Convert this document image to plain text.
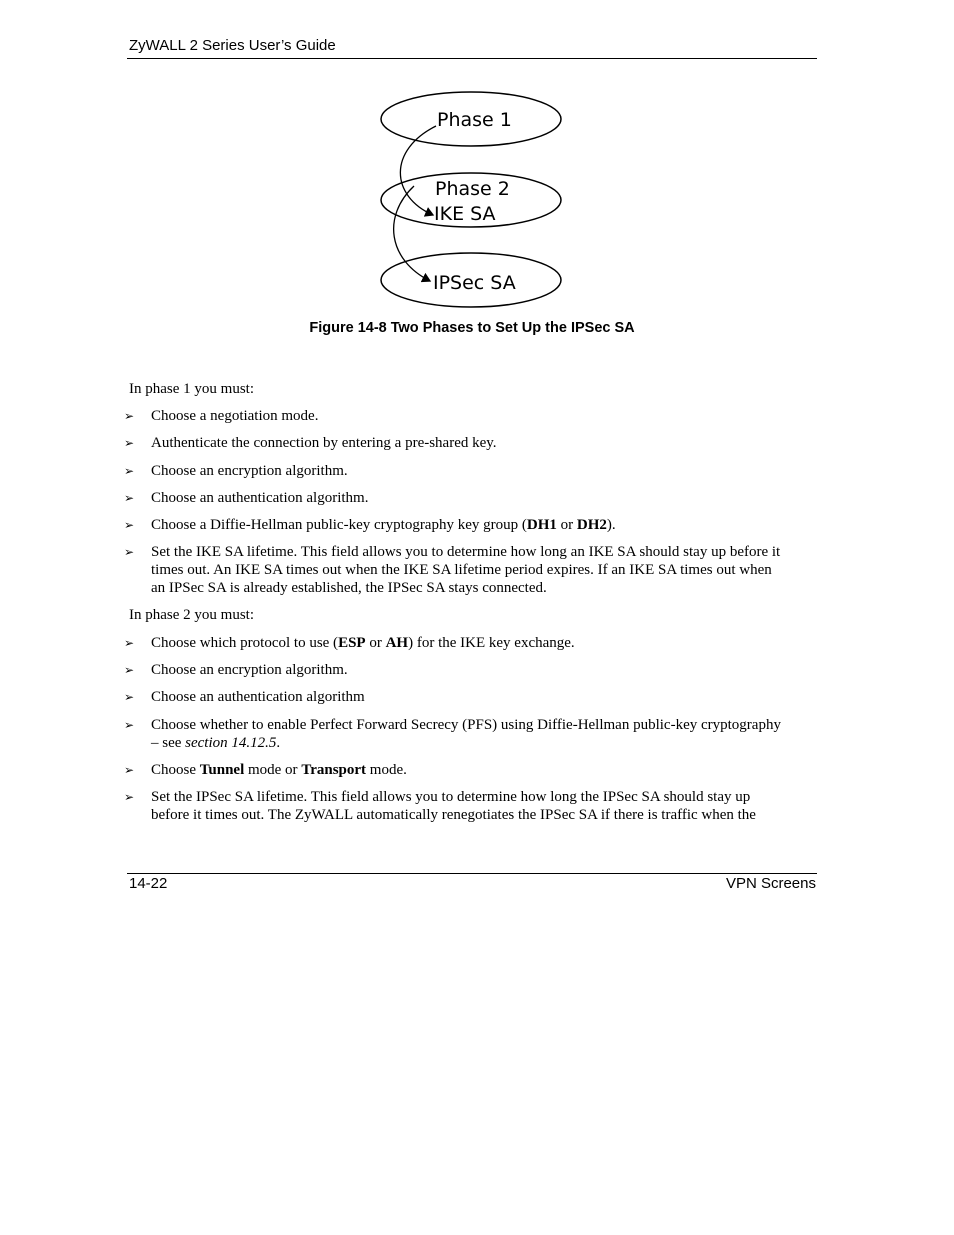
ZyWALL 2 Series User’s Guide
Phase 1
Phase 2
IKE SA
IPSec SA
Figure 14-8 Two Phases to Set Up the IPSec SA
In phase 1 you must:
➢ Choose a negotiation mode.
➢ Authenticate the connection by entering a pre-shared key.
➢ Choose an encryption algorithm.
➢ Choose an authentication algorithm.
➢ Choose a Diffie-Hellman public-key cryptography key group (DH1 or DH2).
➢ Set the IKE SA lifetime. This field allows you to determine how long an IKE SA should stay up before it
times out. An IKE SA times out when the IKE SA lifetime period expires. If an IKE SA times out when
an IPSec SA is already established, the IPSec SA stays connected.
In phase 2 you must:
➢ Choose which protocol to use (ESP or AH) for the IKE key exchange.
➢ Choose an encryption algorithm.
➢ Choose an authentication algorithm
➢ Choose whether to enable Perfect Forward Secrecy (PFS) using Diffie-Hellman public-key cryptography
– see section 14.12.5.
➢ Choose Tunnel mode or Transport mode.
➢ Set the IPSec SA lifetime. This field allows you to determine how long the IPSec SA should stay up
before it times out. The ZyWALL automatically renegotiates the IPSec SA if there is traffic when the
14-22	VPN Screens
